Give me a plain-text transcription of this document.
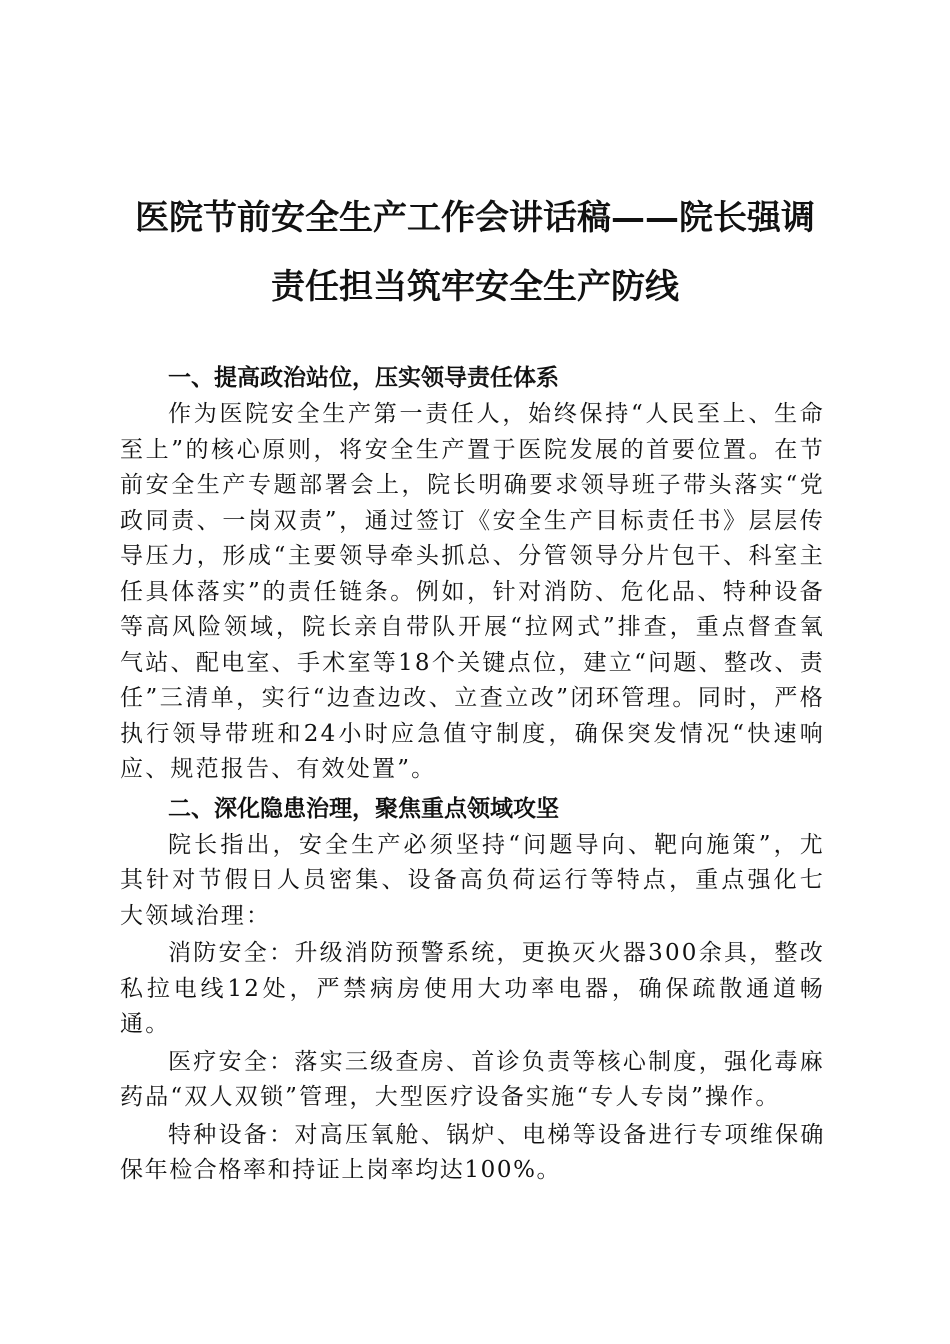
医院节前安全生产工作会讲话稿——院长强调
责任担当筑牢安全生产防线
一、提高政治站位，压实领导责任体系
作为医院安全生产第一责任人，始终保持“人民至上、生命至上”的核心原则，将安全生产置于医院发展的首要位置。在节前安全生产专题部署会上，院长明确要求领导班子带头落实“党政同责、一岗双责”，通过签订《安全生产目标责任书》层层传导压力，形成“主要领导牵头抓总、分管领导分片包干、科室主任具体落实”的责任链条。例如，针对消防、危化品、特种设备等高风险领域，院长亲自带队开展“拉网式”排查，重点督查氧气站、配电室、手术室等18个关键点位，建立“问题、整改、责任”三清单，实行“边查边改、立查立改”闭环管理。同时，严格执行领导带班和24小时应急值守制度，确保突发情况“快速响应、规范报告、有效处置”。
二、深化隐患治理，聚焦重点领域攻坚
院长指出，安全生产必须坚持“问题导向、靶向施策”，尤其针对节假日人员密集、设备高负荷运行等特点，重点强化七大领域治理：
消防安全：升级消防预警系统，更换灭火器300余具，整改私拉电线12处，严禁病房使用大功率电器，确保疏散通道畅通。
医疗安全：落实三级查房、首诊负责等核心制度，强化毒麻药品“双人双锁”管理，大型医疗设备实施“专人专岗”操作。
特种设备：对高压氧舱、锅炉、电梯等设备进行专项维保确保年检合格率和持证上岗率均达100%。
